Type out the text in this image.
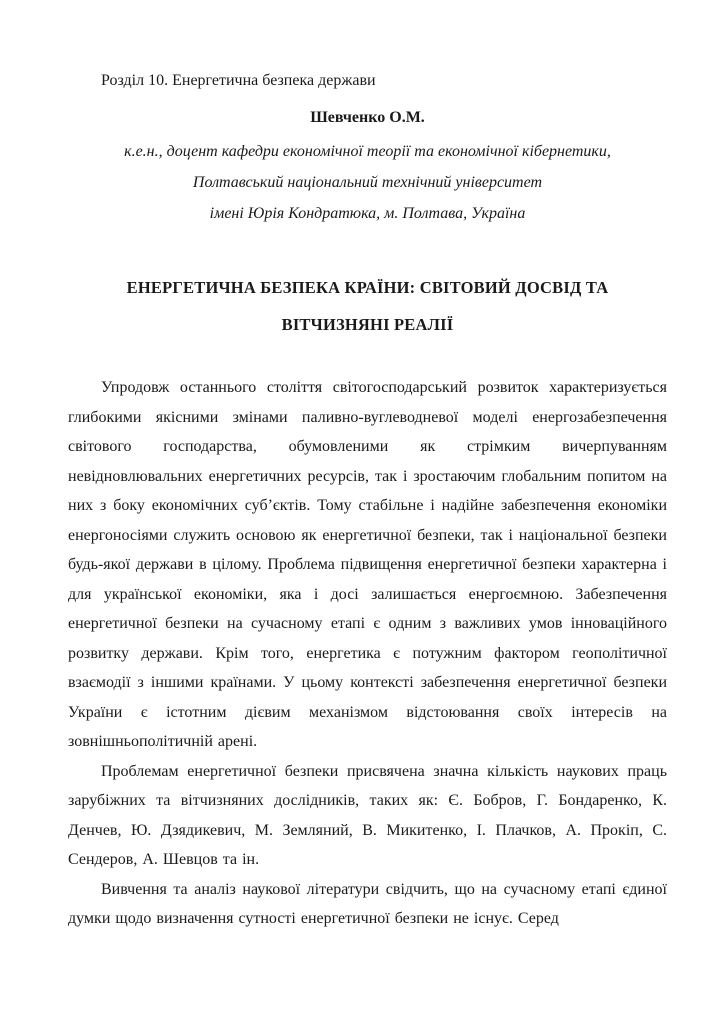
Розділ 10. Енергетична безпека держави

Шевченко О.М.

к.е.н., доцент кафедри економічної теорії та економічної кібернетики,

Полтавський національний технічний університет

імені Юрія Кондратюка, м. Полтава, Україна

ЕНЕРГЕТИЧНА БЕЗПЕКА КРАЇНИ: СВІТОВИЙ ДОСВІД ТА ВІТЧИЗНЯНІ РЕАЛІЇ

Упродовж останнього століття світогосподарський розвиток характеризується глибокими якісними змінами паливно-вуглеводневої моделі енергозабезпечення світового господарства, обумовленими як стрімким вичерпуванням невідновлювальних енергетичних ресурсів, так і зростаючим глобальним попитом на них з боку економічних суб’єктів. Тому стабільне і надійне забезпечення економіки енергоносіями служить основою як енергетичної безпеки, так і національної безпеки будь-якої держави в цілому. Проблема підвищення енергетичної безпеки характерна і для української економіки, яка і досі залишається енергоємною. Забезпечення енергетичної безпеки на сучасному етапі є одним з важливих умов інноваційного розвитку держави. Крім того, енергетика є потужним фактором геополітичної взаємодії з іншими країнами. У цьому контексті забезпечення енергетичної безпеки України є істотним дієвим механізмом відстоювання своїх інтересів на зовнішньополітичній арені.

Проблемам енергетичної безпеки присвячена значна кількість наукових праць зарубіжних та вітчизняних дослідників, таких як: Є. Бобров, Г. Бондаренко, К. Денчев, Ю. Дзядикевич, М. Земляний, В. Микитенко, І. Плачков, А. Прокіп, С. Сендеров, А. Шевцов та ін.

Вивчення та аналіз наукової літератури свідчить, що на сучасному етапі єдиної думки щодо визначення сутності енергетичної безпеки не існує. Серед
